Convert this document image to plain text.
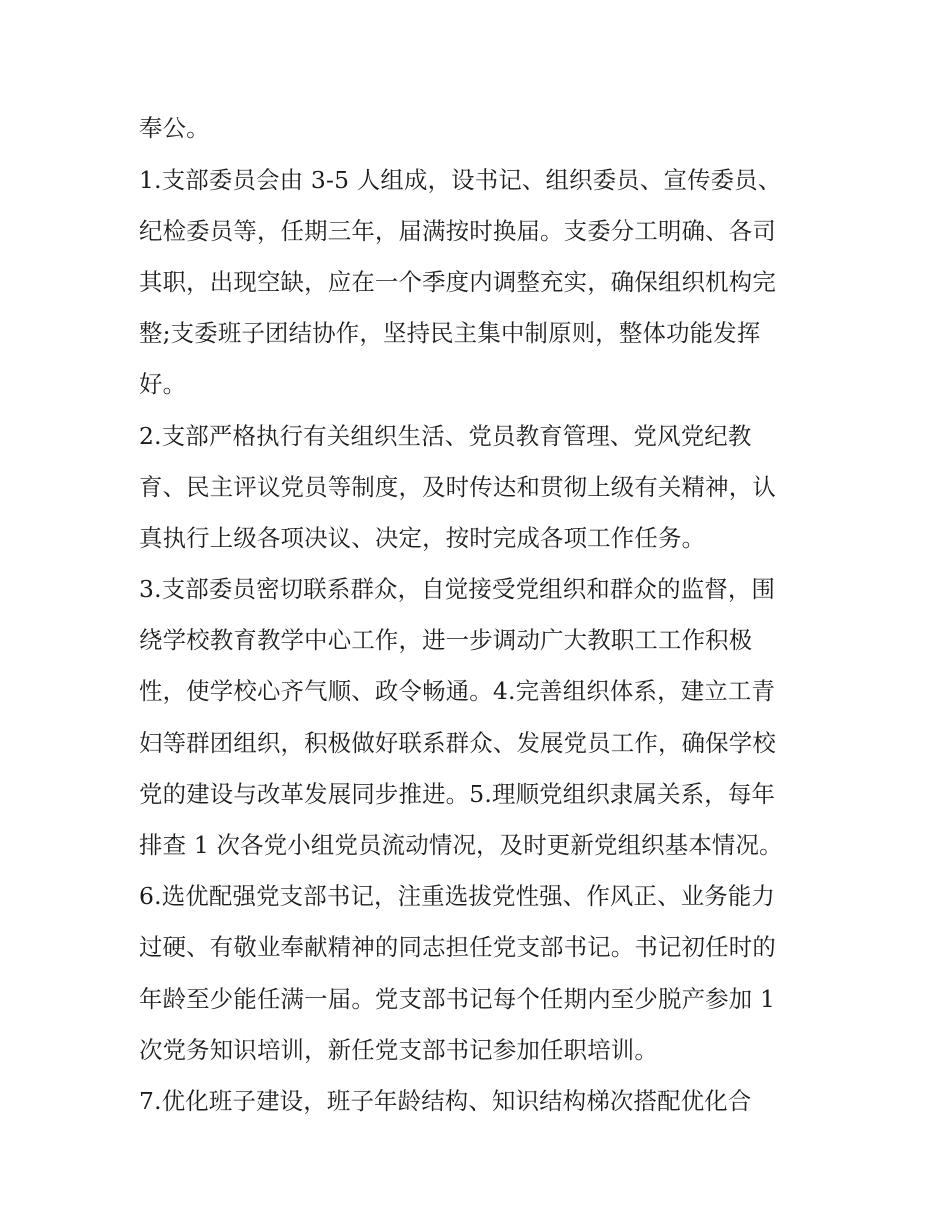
奉公。
1.支部委员会由 3-5 人组成，设书记、组织委员、宣传委员、
纪检委员等，任期三年，届满按时换届。支委分工明确、各司
其职，出现空缺，应在一个季度内调整充实，确保组织机构完
整;支委班子团结协作，坚持民主集中制原则，整体功能发挥
好。
2.支部严格执行有关组织生活、党员教育管理、党风党纪教
育、民主评议党员等制度，及时传达和贯彻上级有关精神，认
真执行上级各项决议、决定，按时完成各项工作任务。
3.支部委员密切联系群众，自觉接受党组织和群众的监督，围
绕学校教育教学中心工作，进一步调动广大教职工工作积极
性，使学校心齐气顺、政令畅通。4.完善组织体系，建立工青
妇等群团组织，积极做好联系群众、发展党员工作，确保学校
党的建设与改革发展同步推进。5.理顺党组织隶属关系，每年
排查 1 次各党小组党员流动情况，及时更新党组织基本情况。
6.选优配强党支部书记，注重选拔党性强、作风正、业务能力
过硬、有敬业奉献精神的同志担任党支部书记。书记初任时的
年龄至少能任满一届。党支部书记每个任期内至少脱产参加 1
次党务知识培训，新任党支部书记参加任职培训。
7.优化班子建设，班子年龄结构、知识结构梯次搭配优化合
